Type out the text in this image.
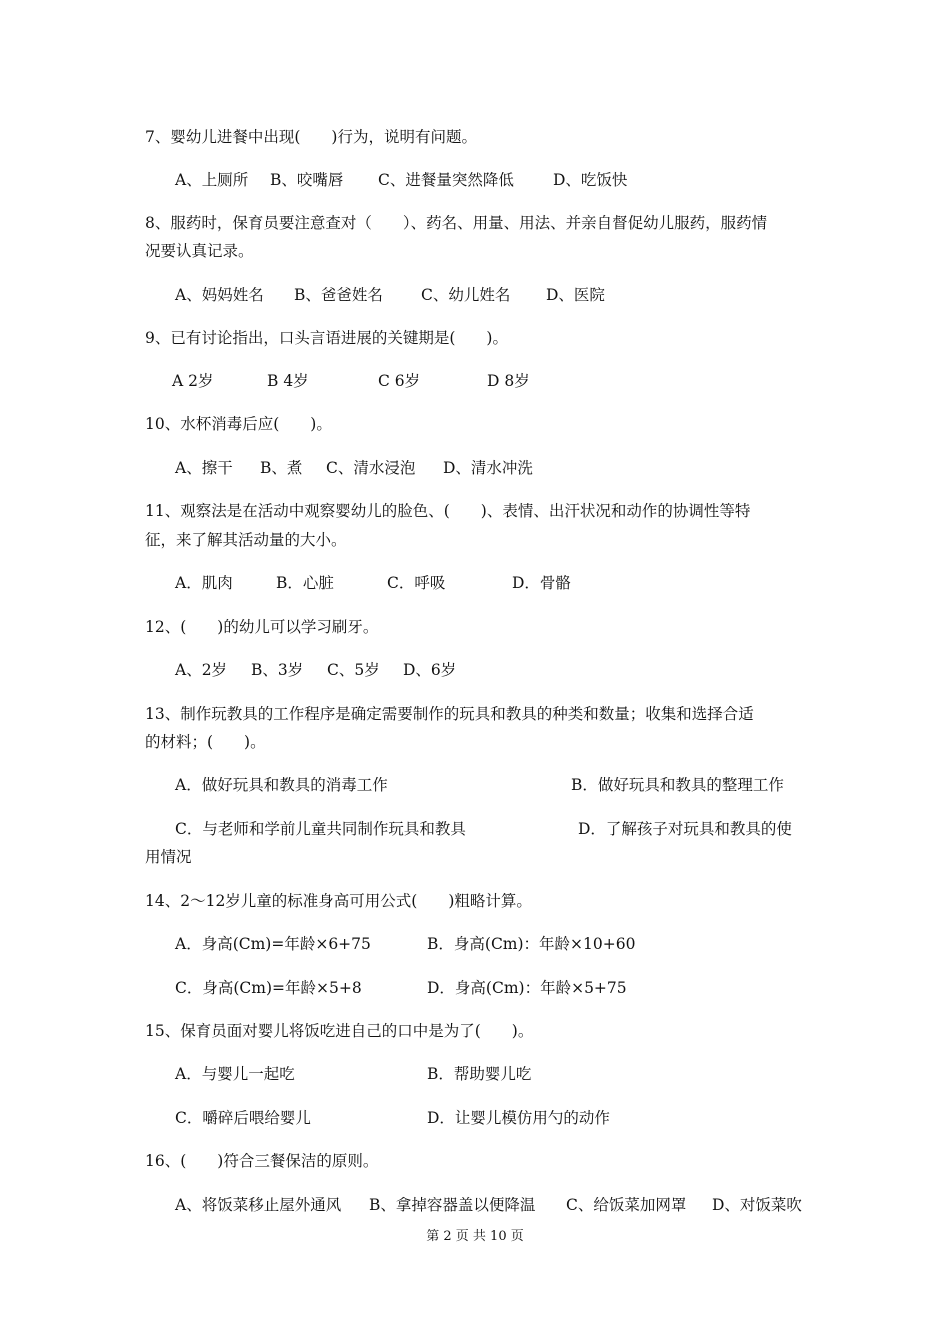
7、婴幼儿进餐中出现(　　)行为，说明有问题。
A、上厕所 B、咬嘴唇 C、进餐量突然降低	D、吃饭快
8、服药时，保育员要注意查对（　　）、药名、用量、用法、并亲自督促幼儿服药，服药情
况要认真记录。
A、妈妈姓名 B、爸爸姓名 C、幼儿姓名 D、医院
9、已有讨论指出，口头言语进展的关键期是(　　)。
A 2岁	B 4岁	C 6岁	D 8岁
10、水杯消毒后应(　　)。
A、擦干 B、煮 C、清水浸泡 D、清水冲洗
11、观察法是在活动中观察婴幼儿的脸色、(　　)、表情、出汗状况和动作的协调性等特
征，来了解其活动量的大小。
A．肌肉	B．心脏	C．呼吸	D．骨骼
12、(　　)的幼儿可以学习刷牙。
A、2岁 B、3岁 C、5岁 D、6岁
13、制作玩教具的工作程序是确定需要制作的玩具和教具的种类和数量；收集和选择合适
的材料；(　　)。
A．做好玩具和教具的消毒工作	B．做好玩具和教具的整理工作
C．与老师和学前儿童共同制作玩具和教具	D．了解孩子对玩具和教具的使
用情况
14、2～12岁儿童的标准身高可用公式(　　)粗略计算。
A．身高(Cm)=年龄×6+75	B．身高(Cm)：年龄×10+60
C．身高(Cm)=年龄×5+8	D．身高(Cm)：年龄×5+75
15、保育员面对婴儿将饭吃进自己的口中是为了(　　)。
A．与婴儿一起吃	B．帮助婴儿吃
C．嚼碎后喂给婴儿	D．让婴儿模仿用勺的动作
16、(　　)符合三餐保洁的原则。
A、将饭菜移止屋外通风 B、拿掉容器盖以便降温 C、给饭菜加网罩 D、对饭菜吹
第 2 页 共 10 页
